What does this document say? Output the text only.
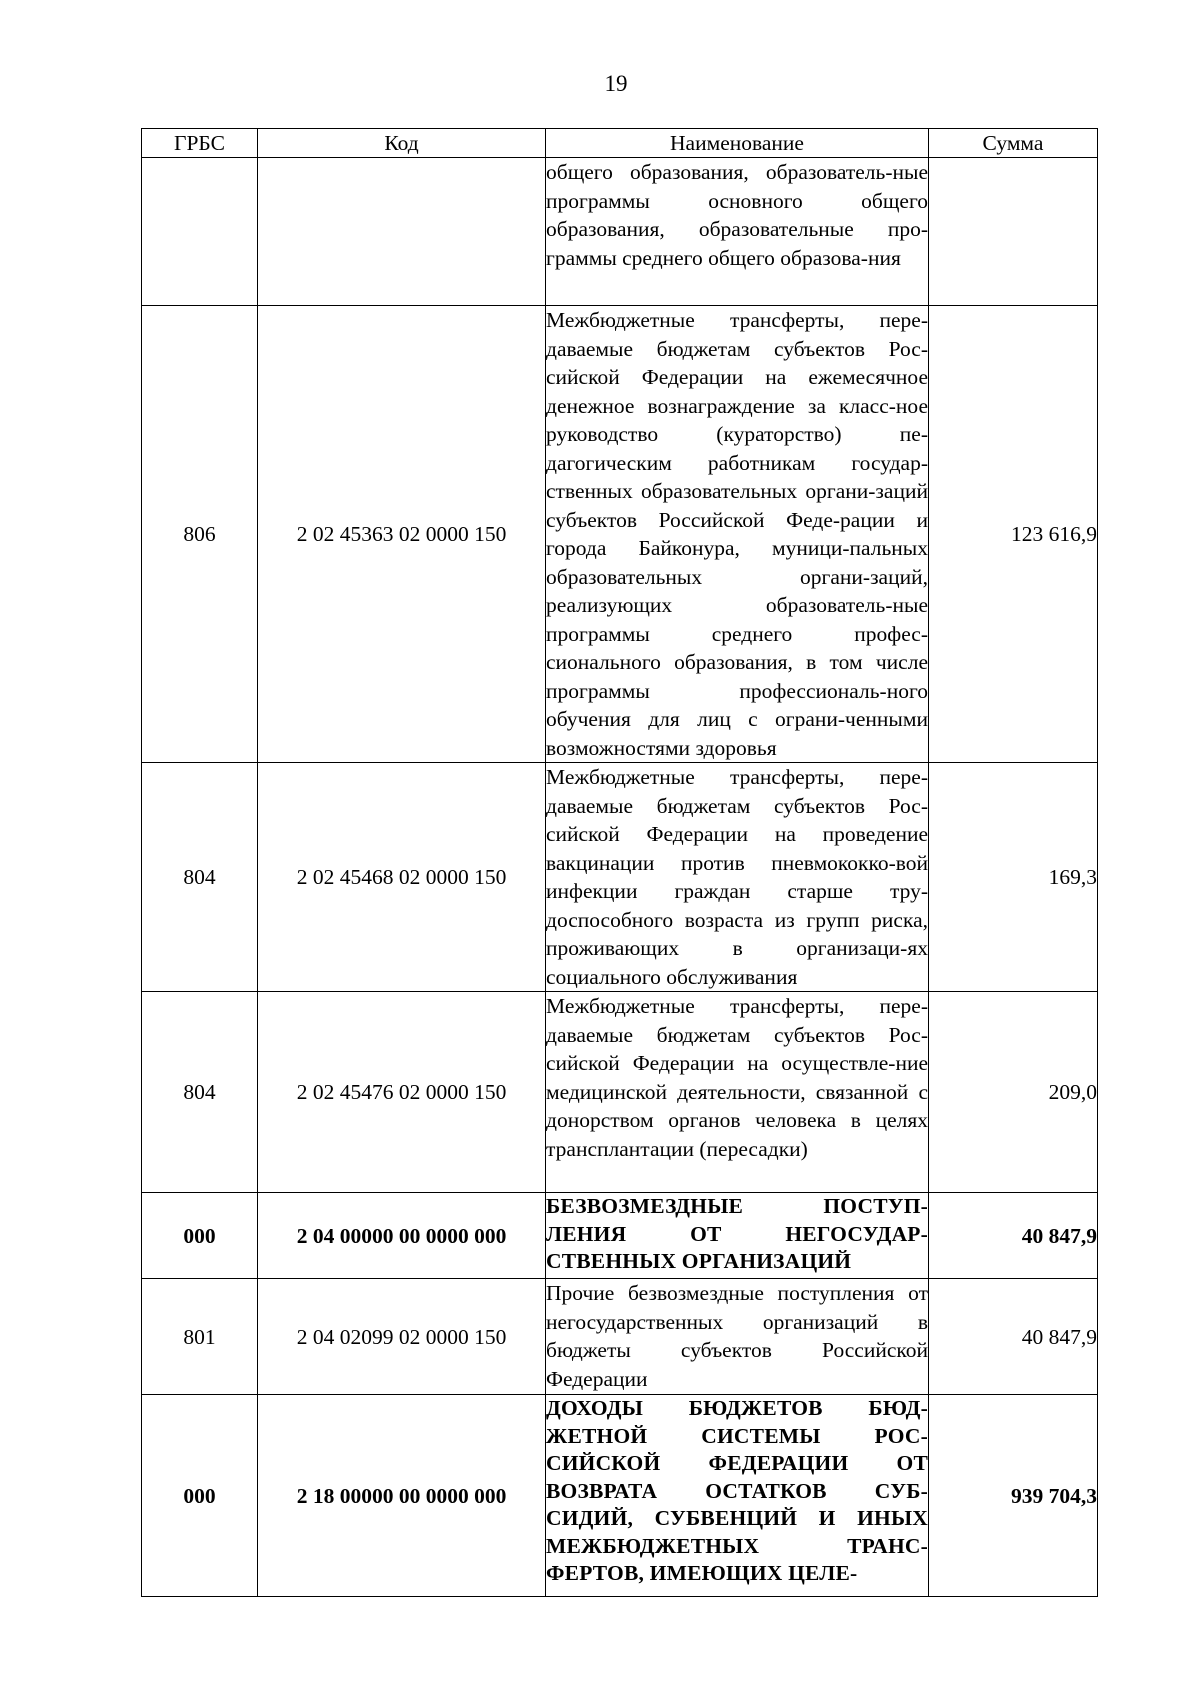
19
ГРБС	Код	Наименование	Сумма
		общего образования, образователь-ные программы основного общего образования, образовательные про-граммы среднего общего образова-ния	
806	2 02 45363 02 0000 150	Межбюджетные трансферты, пере-даваемые бюджетам субъектов Рос-сийской Федерации на ежемесячное денежное вознаграждение за класс-ное руководство (кураторство) пе-дагогическим работникам государ-ственных образовательных органи-заций субъектов Российской Феде-рации и города Байконура, муници-пальных образовательных органи-заций, реализующих образователь-ные программы среднего профес-сионального образования, в том числе программы профессиональ-ного обучения для лиц с ограни-ченными возможностями здоровья	123 616,9
804	2 02 45468 02 0000 150	Межбюджетные трансферты, пере-даваемые бюджетам субъектов Рос-сийской Федерации на проведение вакцинации против пневмококко-вой инфекции граждан старше тру-доспособного возраста из групп риска, проживающих в организаци-ях социального обслуживания	169,3
804	2 02 45476 02 0000 150	Межбюджетные трансферты, пере-даваемые бюджетам субъектов Рос-сийской Федерации на осуществле-ние медицинской деятельности, связанной с донорством органов человека в целях трансплантации (пересадки)	209,0
000	2 04 00000 00 0000 000	БЕЗВОЗМЕЗДНЫЕ ПОСТУП-ЛЕНИЯ ОТ НЕГОСУДАР-СТВЕННЫХ ОРГАНИЗАЦИЙ	40 847,9
801	2 04 02099 02 0000 150	Прочие безвозмездные поступления от негосударственных организаций в бюджеты субъектов Российской Федерации	40 847,9
000	2 18 00000 00 0000 000	ДОХОДЫ БЮДЖЕТОВ БЮД-ЖЕТНОЙ СИСТЕМЫ РОС-СИЙСКОЙ ФЕДЕРАЦИИ ОТ ВОЗВРАТА ОСТАТКОВ СУБ-СИДИЙ, СУБВЕНЦИЙ И ИНЫХ МЕЖБЮДЖЕТНЫХ ТРАНС-ФЕРТОВ, ИМЕЮЩИХ ЦЕЛЕ-	939 704,3
